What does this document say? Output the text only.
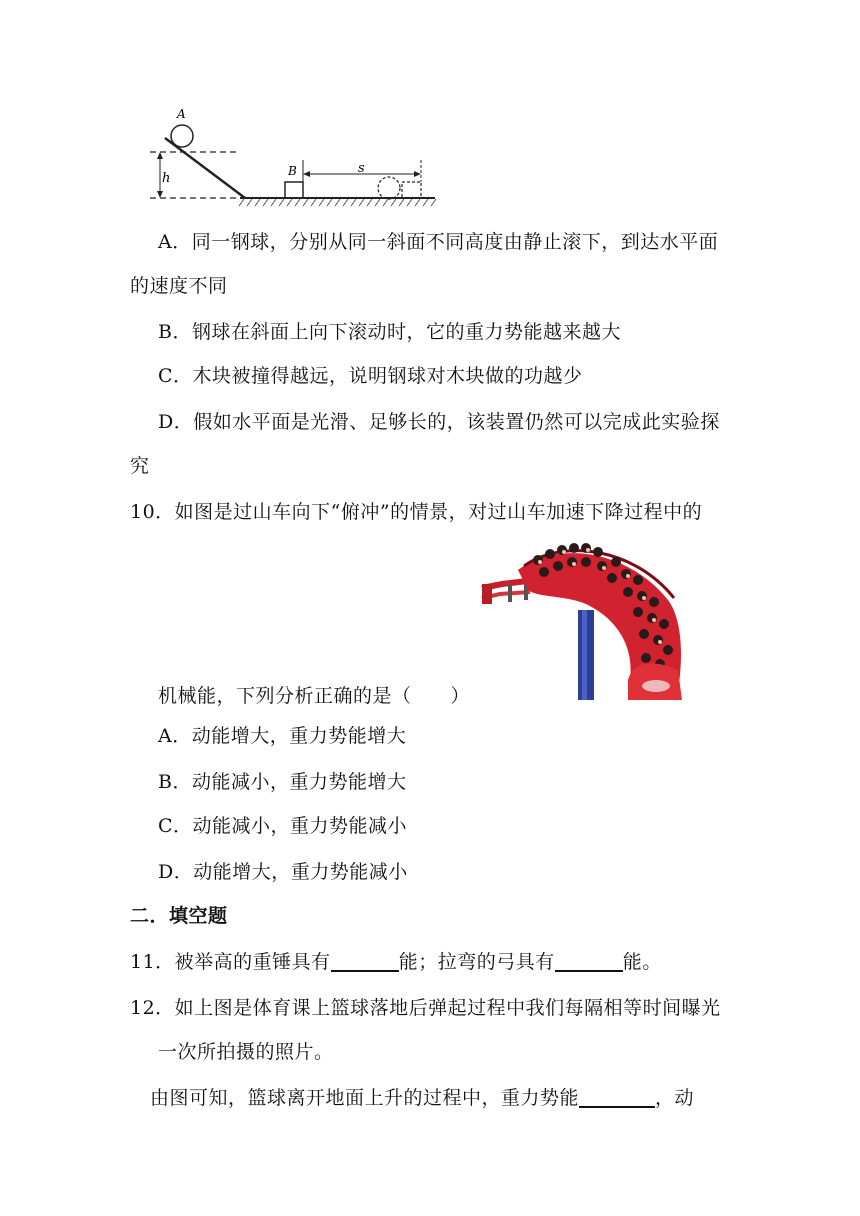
A
h	B	s
A．同一钢球，分别从同一斜面不同高度由静止滚下，到达水平面
的速度不同
B．钢球在斜面上向下滚动时，它的重力势能越来越大
C．木块被撞得越远，说明钢球对木块做的功越少
D．假如水平面是光滑、足够长的，该装置仍然可以完成此实验探
究
10．如图是过山车向下“俯冲”的情景，对过山车加速下降过程中的
机械能，下列分析正确的是（　　）
A．动能增大，重力势能增大
B．动能减小，重力势能增大
C．动能减小，重力势能减小
D．动能增大，重力势能减小
二．填空题
11．被举高的重锤具有	能；拉弯的弓具有	能。
12．如上图是体育课上篮球落地后弹起过程中我们每隔相等时间曝光
一次所拍摄的照片。
由图可知，篮球离开地面上升的过程中，重力势能	，动
